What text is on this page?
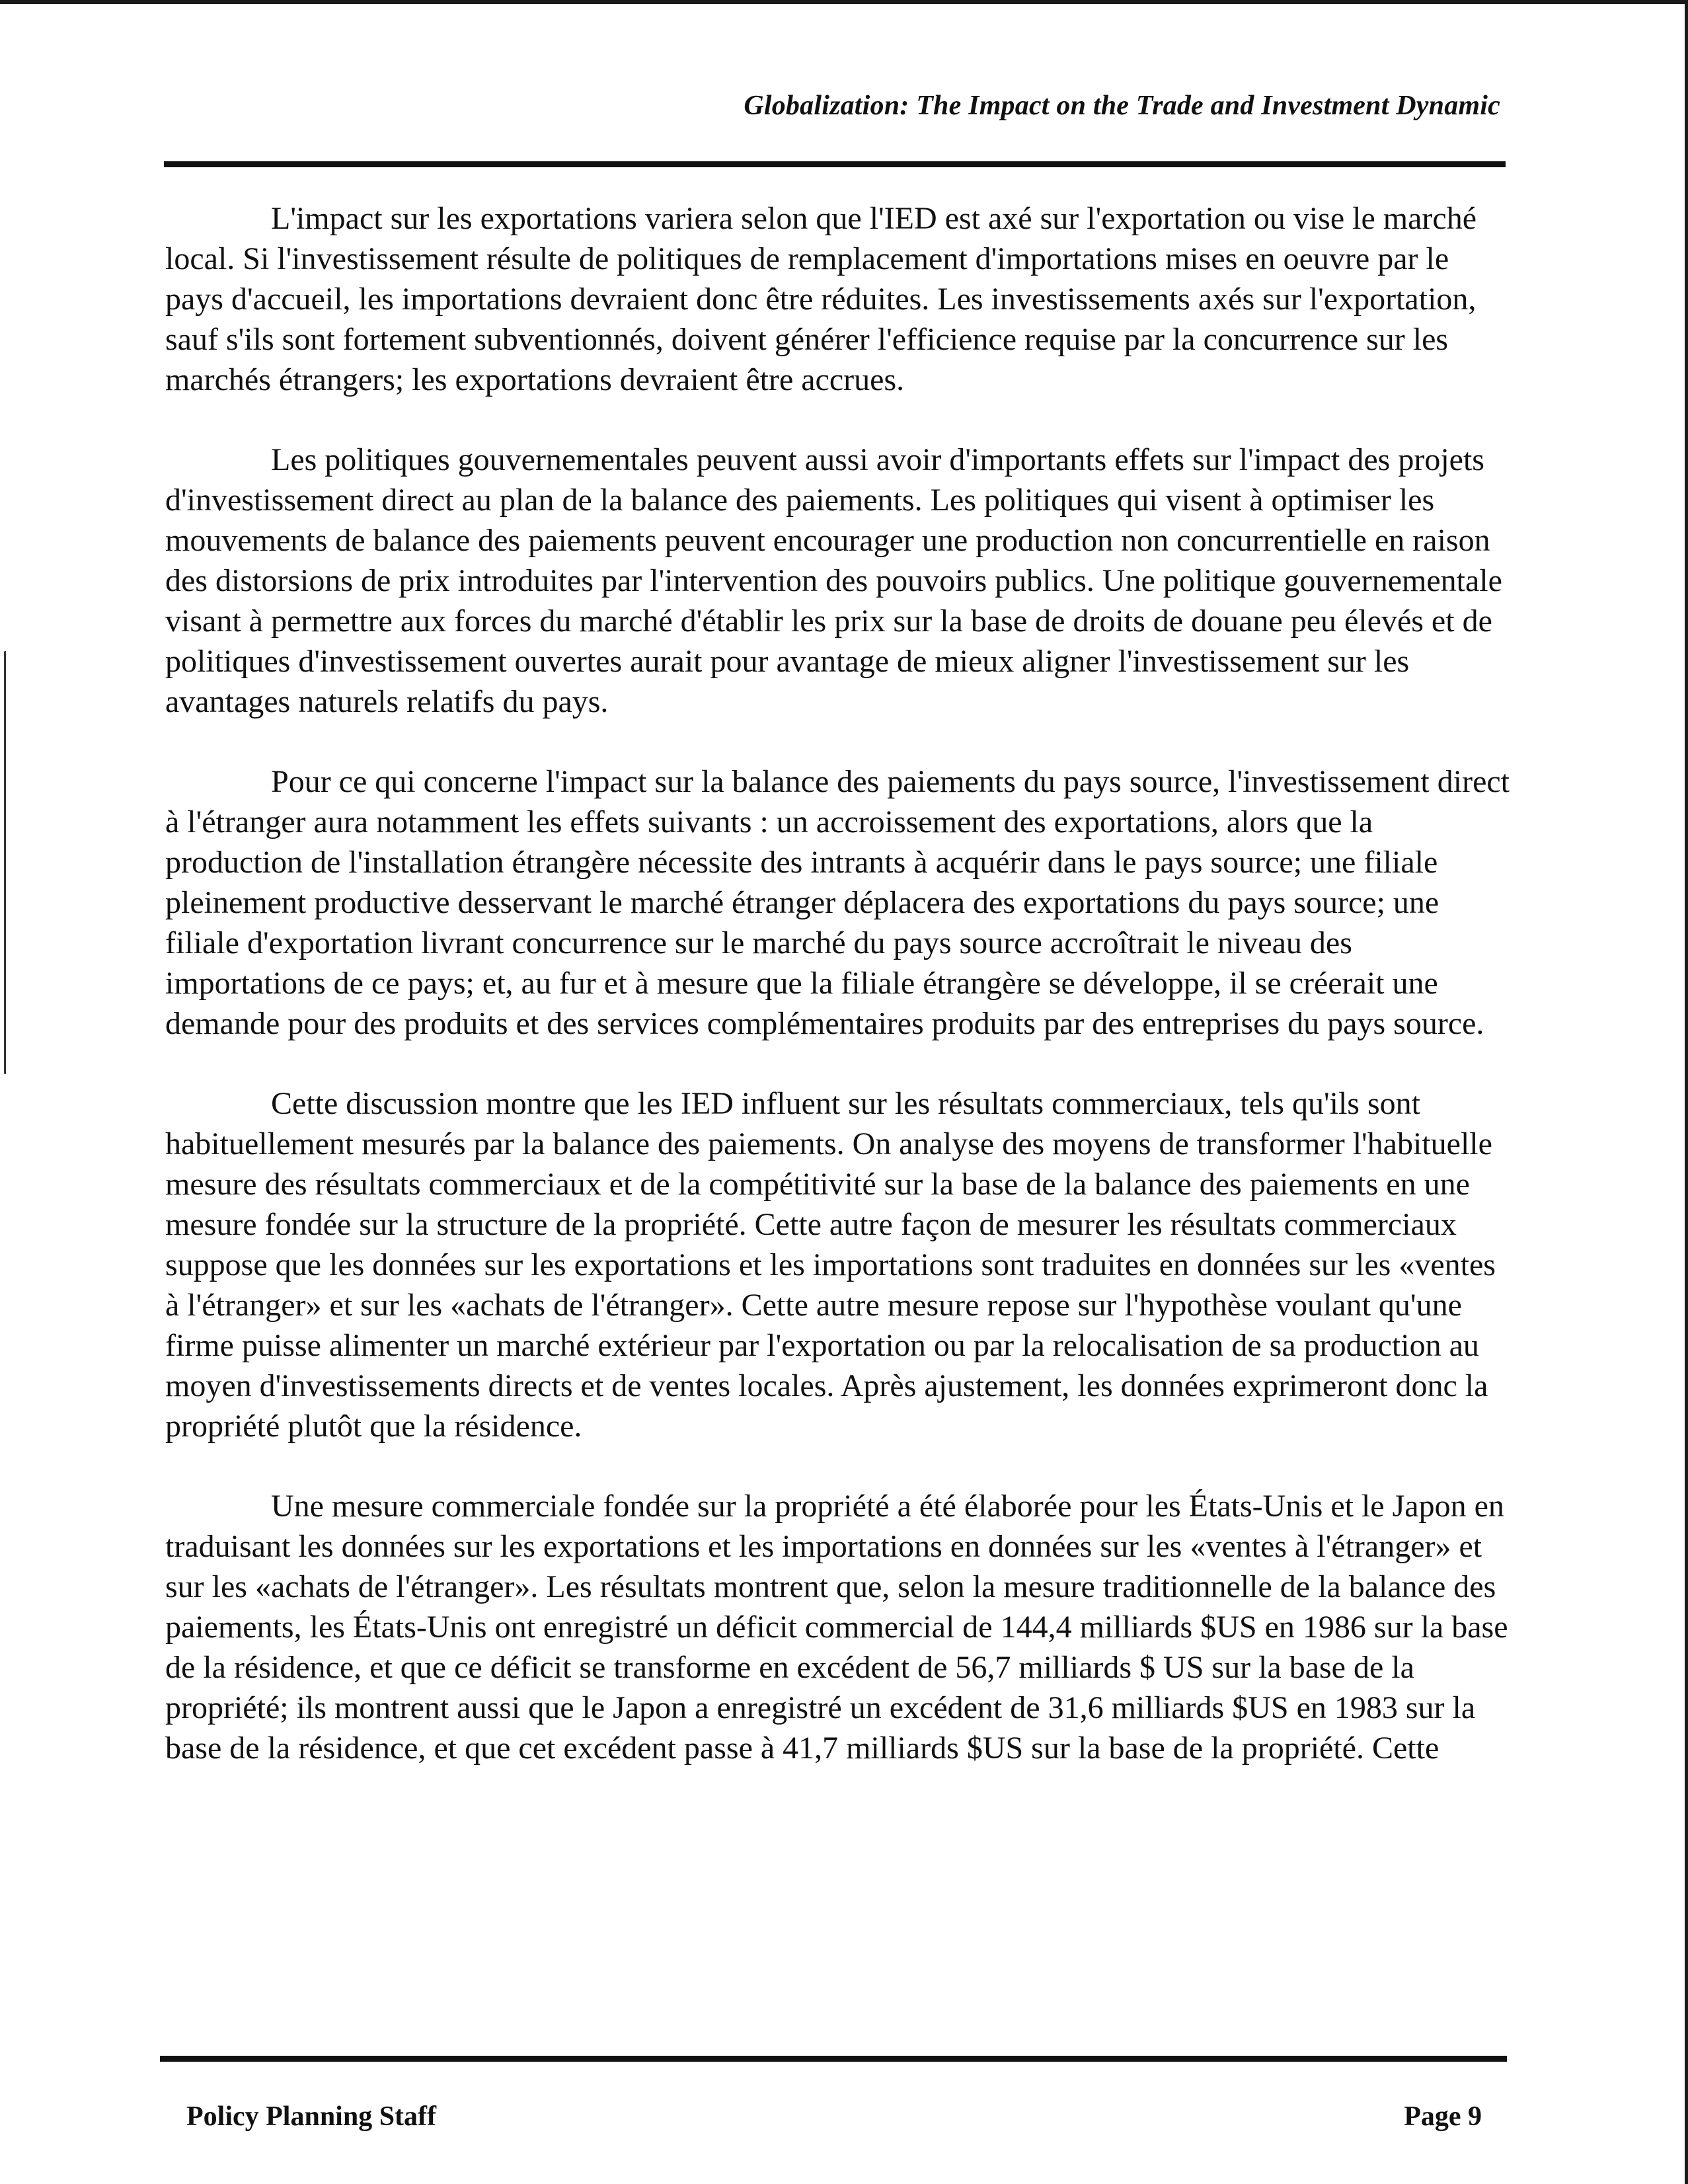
Globalization: The Impact on the Trade and Investment Dynamic

L'impact sur les exportations variera selon que l'IED est axé sur l'exportation ou vise le marché local. Si l'investissement résulte de politiques de remplacement d'importations mises en oeuvre par le pays d'accueil, les importations devraient donc être réduites. Les investissements axés sur l'exportation, sauf s'ils sont fortement subventionnés, doivent générer l'efficience requise par la concurrence sur les marchés étrangers; les exportations devraient être accrues.

Les politiques gouvernementales peuvent aussi avoir d'importants effets sur l'impact des projets d'investissement direct au plan de la balance des paiements. Les politiques qui visent à optimiser les mouvements de balance des paiements peuvent encourager une production non concurrentielle en raison des distorsions de prix introduites par l'intervention des pouvoirs publics. Une politique gouvernementale visant à permettre aux forces du marché d'établir les prix sur la base de droits de douane peu élevés et de politiques d'investissement ouvertes aurait pour avantage de mieux aligner l'investissement sur les avantages naturels relatifs du pays.

Pour ce qui concerne l'impact sur la balance des paiements du pays source, l'investissement direct à l'étranger aura notamment les effets suivants : un accroissement des exportations, alors que la production de l'installation étrangère nécessite des intrants à acquérir dans le pays source; une filiale pleinement productive desservant le marché étranger déplacera des exportations du pays source; une filiale d'exportation livrant concurrence sur le marché du pays source accroîtrait le niveau des importations de ce pays; et, au fur et à mesure que la filiale étrangère se développe, il se créerait une demande pour des produits et des services complémentaires produits par des entreprises du pays source.

Cette discussion montre que les IED influent sur les résultats commerciaux, tels qu'ils sont habituellement mesurés par la balance des paiements. On analyse des moyens de transformer l'habituelle mesure des résultats commerciaux et de la compétitivité sur la base de la balance des paiements en une mesure fondée sur la structure de la propriété. Cette autre façon de mesurer les résultats commerciaux suppose que les données sur les exportations et les importations sont traduites en données sur les «ventes à l'étranger» et sur les «achats de l'étranger». Cette autre mesure repose sur l'hypothèse voulant qu'une firme puisse alimenter un marché extérieur par l'exportation ou par la relocalisation de sa production au moyen d'investissements directs et de ventes locales. Après ajustement, les données exprimeront donc la propriété plutôt que la résidence.

Une mesure commerciale fondée sur la propriété a été élaborée pour les États-Unis et le Japon en traduisant les données sur les exportations et les importations en données sur les «ventes à l'étranger» et sur les «achats de l'étranger». Les résultats montrent que, selon la mesure traditionnelle de la balance des paiements, les États-Unis ont enregistré un déficit commercial de 144,4 milliards $US en 1986 sur la base de la résidence, et que ce déficit se transforme en excédent de 56,7 milliards $ US sur la base de la propriété; ils montrent aussi que le Japon a enregistré un excédent de 31,6 milliards $US en 1983 sur la base de la résidence, et que cet excédent passe à 41,7 milliards $US sur la base de la propriété. Cette

Policy Planning Staff	Page 9
